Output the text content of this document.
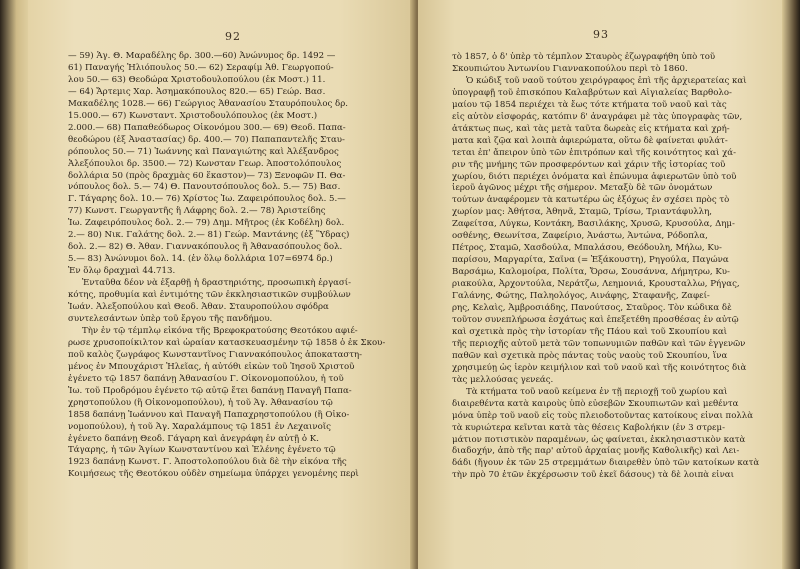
92
— 59) Ἁγ. Θ. Μαραδέλης δρ. 300.—60) Ἀνώνυμος δρ. 1492 —
61) Παναγής Ἠλιόπουλος 50.— 62) Σεραφίμ Ἀθ. Γεωργοπού-
λου 50.— 63) Θεοδώρα Χριστοδουλοπούλου (ἐκ Μοστ.) 11.
— 64) Ἄρτεμις Χαρ. Ἀσημακόπουλος 820.— 65) Γεώρ. Βασ.
Μακαδέλης 1028.— 66) Γεώργιος Ἀθανασίου Σταυρόπουλος δρ.
15.000.— 67) Κωνσταντ. Χριστοδουλόπουλος (ἐκ Μοστ.)
2.000.— 68) Παπαθεόδωρος Οἰκονόμου 300.— 69) Θεοδ. Παπα-
θεοδώρου (ἐξ Ἀναστασίας) δρ. 400.— 70) Παπαπαντελῆς Σταυ-
ρόπουλος 50.— 71) Ἰωάννης καὶ Παναγιώτης καὶ Ἀλέξανδρος
Ἀλεξόπουλοι δρ. 3500.— 72) Κωνσταν Γεωρ. Ἀποστολόπουλος
δολλάρια 50 (πρὸς δραχμὰς 60 ἕκαστον)— 73) Ξενοφῶν Π. Θα-
νόπουλος δολ. 5.— 74) Θ. Πανουτσόπουλος δολ. 5.— 75) Βασ.
Γ. Τάγαρης δολ. 10.— 76) Χρίστος Ἰω. Ζαφειρόπουλος δολ. 5.—
77) Κωνστ. Γεωργαντῆς ἢ Λάφρης δολ. 2.— 78) Ἀριστείδης
Ἰω. Ζαφειρόπουλος δολ. 2.— 79) Δημ. Μῆτρος (ἐκ Κοδέλη) δολ.
2.— 80) Νικ. Γαλάτης δολ. 2.— 81) Γεώρ. Μαντάνης (ἐξ Ὕδρας)
δολ. 2.— 82) Θ. Ἀθαν. Γιαννακόπουλος ἢ Ἀθανασόπουλος δολ.
5.— 83) Ἀνώνυμοι δολ. 14. (ἐν ὅλῳ δολλάρια 107=6974 δρ.)
Ἐν ὅλῳ δραχμαὶ 44.713.
Ἐνταῦθα δέον νὰ ἐξαρθῇ ἡ δραστηριότης, προσωπικὴ ἐργασί-
κότης, προθυμία καὶ ἐντιμότης τῶν ἐκκλησιαστικῶν συμβούλων
Ἰωάν. Ἀλεξοπούλου καὶ Θεοδ. Ἀθαν. Σταυροπούλου σφόδρα
συντελεσάντων ὑπὲρ τοῦ ἔργου τῆς πανδήμου.
Τὴν ἐν τῷ τέμπλῳ εἰκόνα τῆς Βρεφοκρατούσης Θεοτόκου αφιέ-
ρωσε χρυσοποίκιλτον καὶ ὡραίαν κατασκευασμένην τῷ 1858 ὁ ἐκ Σκου-
ποῦ καλὸς ζωγράφος Κωνσταντῖνος Γιαννακόπουλος ἀποκαταστη-
μένος ἐν Μπουχάριστ Ἠλεῖας, ἡ αὐτόθι εἰκὼν τοῦ Ἰησοῦ Χριστοῦ
ἐγένετο τῷ 1857 δαπάνῃ Ἀθανασίου Γ. Οἰκονομοπούλου, ἡ τοῦ
Ἰω. τοῦ Προδρόμου ἐγένετο τῷ αὐτῷ ἔτει δαπάνῃ Παναγῆ Παπα-
χρηστοπούλου (ἢ Οἰκονομοπούλου), ἡ τοῦ Ἁγ. Ἀθανασίου τῷ
1858 δαπάνῃ Ἰωάννου καὶ Παναγῆ Παπαχρηστοπούλου (ἢ Οἰκο-
νομοπούλου), ἡ τοῦ Ἁγ. Χαραλάμπους τῷ 1851 ἐν Λεχαινοῖς
ἐγένετο δαπάνῃ Θεοδ. Γάγαρη καὶ ἀνεγράφη ἐν αὐτῇ ὁ Κ.
Τάγαρης, ἡ τῶν Ἁγίων Κωνσταντίνου καὶ Ἑλένης ἐγένετο τῷ
1923 δαπάνῃ Κωνστ. Γ. Ἀποστολοπούλου διὰ δὲ τὴν εἰκόνα τῆς
Κοιμήσεως τῆς Θεοτόκου οὐδὲν σημείωμα ὑπάρχει γενομένης περὶ
τὸ 1857, ὁ δ' ὑπὲρ τὸ τέμπλον Σταυρὸς ἐζωγραφήθη ὑπὸ τοῦ
Σκουπιώτου Ἀντωνίου Γιαννακοπούλου περὶ τὸ 1860.
Ὁ κώδιξ τοῦ ναοῦ τούτου χειρόγραφος ἐπὶ τῆς ἀρχιερατείας καὶ
ὑπογραφῇ τοῦ ἐπισκόπου Καλαβρύτων καὶ Αἰγιαλείας Βαρθολο-
μαίου τῷ 1854 περιέχει τὰ ἔως τότε κτήματα τοῦ ναοῦ καὶ τὰς
εἰς αὐτὸν εἰσφοράς, κατόπιν δ' ἀναγράφει μὲ τὰς ὑπογραφὰς τῶν,
ἀτάκτως πως, καὶ τὰς μετὰ ταῦτα δωρεὰς εἰς κτήματα καὶ χρή-
ματα καὶ ζῷα καὶ λοιπὰ ἀφιερώματα, οὕτω δὲ φαίνεται φυλάτ-
τεται ἐπ' ἄπειρον ὑπὸ τῶν ἐπιτρόπων καὶ τῆς κοινότητος καὶ χά-
ριν τῆς μνήμης τῶν προσφερόντων καὶ χάριν τῆς ἱστορίας τοῦ
χωρίου, διότι περιέχει ὀνόματα καὶ ἐπώνυμα ἀφιερωτῶν ὑπὸ τοῦ
ἱεροῦ ἀγῶνος μέχρι τῆς σήμερον. Μεταξὺ δὲ τῶν ὀνομάτων
τούτων ἀναφέρομεν τὰ κατωτέρω ὡς ἐξόχως ἐν σχέσει πρὸς τὸ
χωρίον μας: Ἀθήτσα, Ἀθηνᾶ, Σταμῶ, Τρίσω, Τριαντάφυλλη,
Ζαφείτσα, Λύγκω, Κοντάκη, Βασιλάκης, Χρυσῶ, Κρυσούλα, Δημ-
οσθένης, Θεωνίτσα, Ζαφείριο, Ἀνάστω, Ἀντώνα, Ρόδοπλα,
Πέτρος, Σταμῶ, Χασδούλα, Μπαλάσου, Θεόδουλη, Μήλω, Κυ-
παρίσου, Μαργαρίτα, Σαΐνα (= Ἑξάκουστη), Ρηγούλα, Παγώνα
Βαρσάμω, Καλομοίρα, Πολίτα, Ὄρσω, Σουσάννα, Δήμητρω, Κυ-
ριακούλα, Ἀρχοντούλα, Νεράτζω, Λεημονιά, Κρουσταλλω, Ρήγας,
Γαλάνης, Φώτης, Παληολόγος, Αινάφης, Σταφανῆς, Ζαφεί-
ρης, Κελαὶς, Ἀμβροσιάδης, Πανούτσος, Σταῦρος. Τὸν κώδικα δὲ
τοῦτον συνεπλήρωσα ἐσχάτως καὶ ἐπεξετέθη προσθέσας ἐν αὐτῷ
καὶ σχετικὰ πρὸς τὴν ἱστορίαν τῆς Πάου καὶ τοῦ Σκουπίου καὶ
τῆς περιοχῆς αὐτοῦ μετὰ τῶν τοπωνυμιῶν παθῶν καὶ τῶν ἐγγενῶν
παθῶν καὶ σχετικὰ πρὸς πάντας τοὺς ναοὺς τοῦ Σκουπίου, ἵνα
χρησιμεύῃ ὡς ἱερὸν κειμήλιον καὶ τοῦ ναοῦ καὶ τῆς κοινότητος διὰ
τὰς μελλούσας γενεάς.
Τὰ κτήματα τοῦ ναοῦ κείμενα ἐν τῇ περιοχῇ τοῦ χωρίου καὶ
διαιρεθέντα κατὰ καιροὺς ὑπὸ εὐσεβῶν Σκουπιωτῶν καὶ μεθέντα
μόνα ὑπὲρ τοῦ ναοῦ εἰς τοὺς πλειοδοτοῦντας κατοίκους εἶναι πολλὰ
τὰ κυριώτερα κεῖνται κατὰ τὰς θέσεις Καβολήκιν (ἐν 3 στρεμ-
μάτιον ποτιστικὸν παραμένων, ὡς φαίνεται, ἐκκλησιαστικὸν κατὰ
διαδοχήν, ἀπὸ τῆς παρ' αὐτοῦ ἀρχαίας μονῆς Καθολικῆς) καὶ Λει-
δάδι (ἤγουν ἐκ τῶν 25 στρεμμάτων διαιρεθὲν ὑπὸ τῶν κατοίκων κατὰ
τὴν πρὸ 70 ἐτῶν ἐκχέρσωσιν τοῦ ἐκεῖ δάσους) τὰ δὲ λοιπὰ εἶναι
93
